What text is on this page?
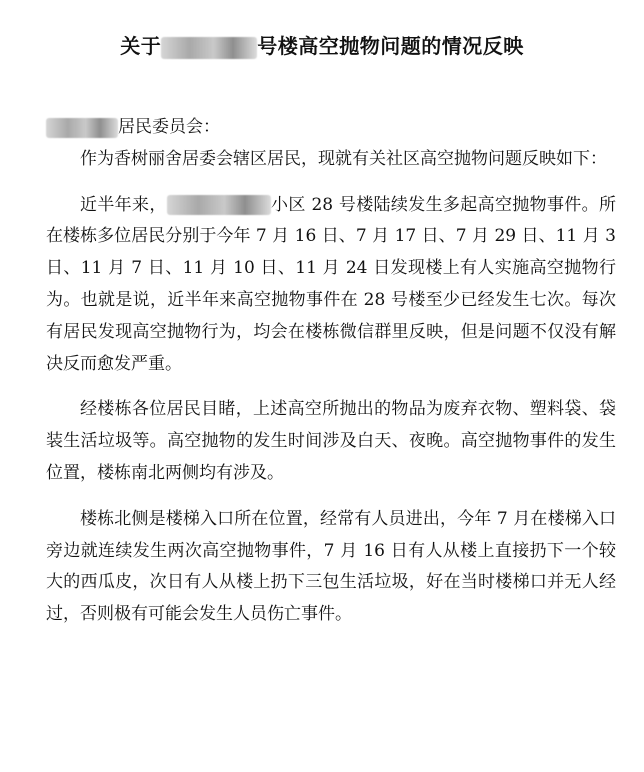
关于	号楼高空抛物问题的情况反映

居民委员会：

作为香树丽舍居委会辖区居民，现就有关社区高空抛物问题反映如下：

近半年来，	小区 28 号楼陆续发生多起高空抛物事件。所在楼栋多位居民分别于今年 7 月 16 日、7 月 17 日、7 月 29 日、11 月 3 日、11 月 7 日、11 月 10 日、11 月 24 日发现楼上有人实施高空抛物行为。也就是说，近半年来高空抛物事件在 28 号楼至少已经发生七次。每次有居民发现高空抛物行为，均会在楼栋微信群里反映，但是问题不仅没有解决反而愈发严重。

经楼栋各位居民目睹，上述高空所抛出的物品为废弃衣物、塑料袋、袋装生活垃圾等。高空抛物的发生时间涉及白天、夜晚。高空抛物事件的发生位置，楼栋南北两侧均有涉及。

楼栋北侧是楼梯入口所在位置，经常有人员进出，今年 7 月在楼梯入口旁边就连续发生两次高空抛物事件，7 月 16 日有人从楼上直接扔下一个较大的西瓜皮，次日有人从楼上扔下三包生活垃圾，好在当时楼梯口并无人经过，否则极有可能会发生人员伤亡事件。
